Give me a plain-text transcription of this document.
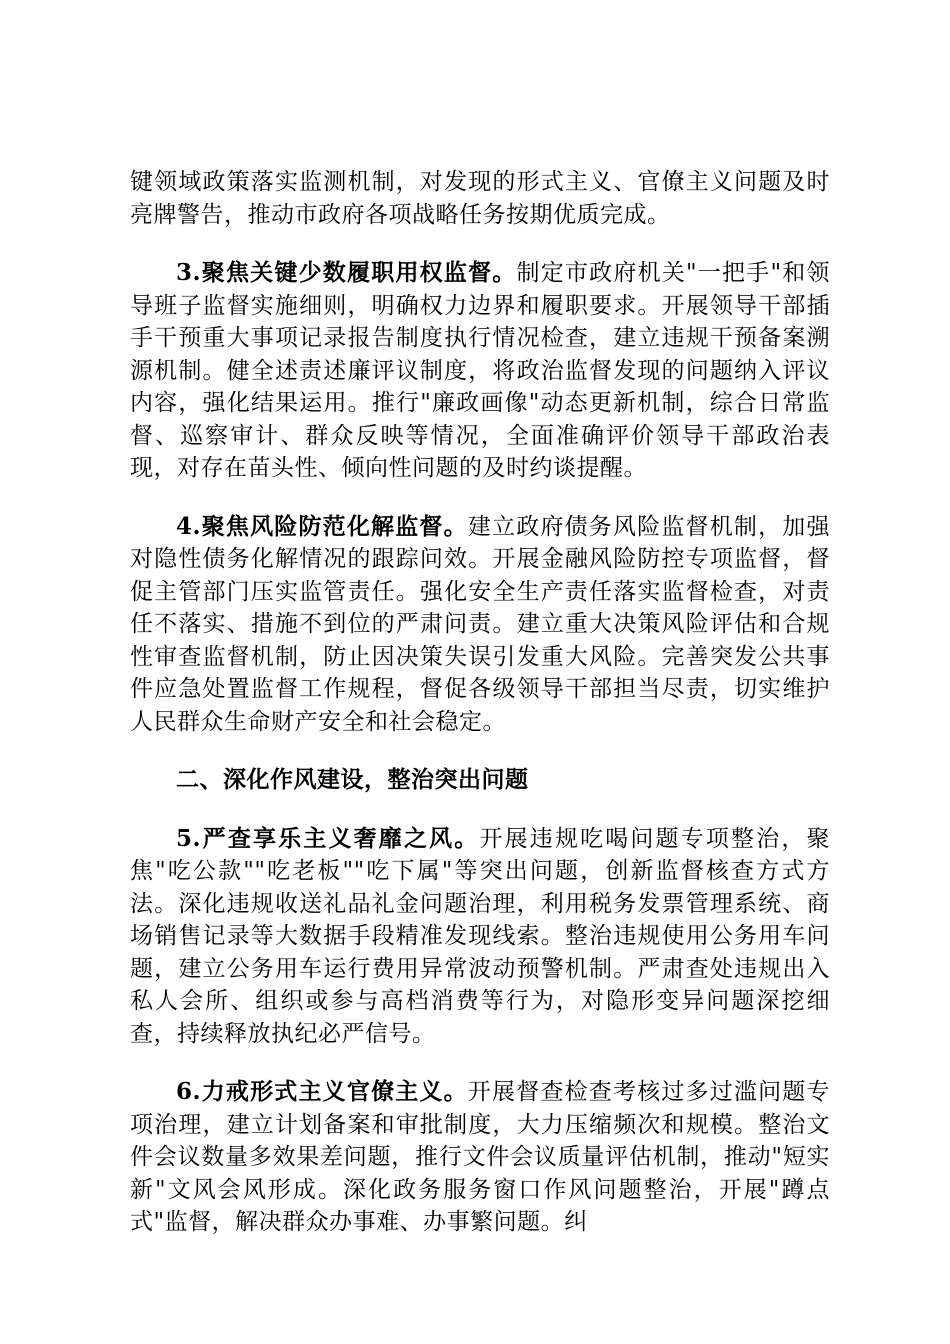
键领域政策落实监测机制，对发现的形式主义、官僚主义问题及时亮牌警告，推动市政府各项战略任务按期优质完成。

3.聚焦关键少数履职用权监督。制定市政府机关"一把手"和领导班子监督实施细则，明确权力边界和履职要求。开展领导干部插手干预重大事项记录报告制度执行情况检查，建立违规干预备案溯源机制。健全述责述廉评议制度，将政治监督发现的问题纳入评议内容，强化结果运用。推行"廉政画像"动态更新机制，综合日常监督、巡察审计、群众反映等情况，全面准确评价领导干部政治表现，对存在苗头性、倾向性问题的及时约谈提醒。

4.聚焦风险防范化解监督。建立政府债务风险监督机制，加强对隐性债务化解情况的跟踪问效。开展金融风险防控专项监督，督促主管部门压实监管责任。强化安全生产责任落实监督检查，对责任不落实、措施不到位的严肃问责。建立重大决策风险评估和合规性审查监督机制，防止因决策失误引发重大风险。完善突发公共事件应急处置监督工作规程，督促各级领导干部担当尽责，切实维护人民群众生命财产安全和社会稳定。

二、深化作风建设，整治突出问题

5.严查享乐主义奢靡之风。开展违规吃喝问题专项整治，聚焦"吃公款""吃老板""吃下属"等突出问题，创新监督核查方式方法。深化违规收送礼品礼金问题治理，利用税务发票管理系统、商场销售记录等大数据手段精准发现线索。整治违规使用公务用车问题，建立公务用车运行费用异常波动预警机制。严肃查处违规出入私人会所、组织或参与高档消费等行为，对隐形变异问题深挖细查，持续释放执纪必严信号。

6.力戒形式主义官僚主义。开展督查检查考核过多过滥问题专项治理，建立计划备案和审批制度，大力压缩频次和规模。整治文件会议数量多效果差问题，推行文件会议质量评估机制，推动"短实新"文风会风形成。深化政务服务窗口作风问题整治，开展"蹲点式"监督，解决群众办事难、办事繁问题。纠
